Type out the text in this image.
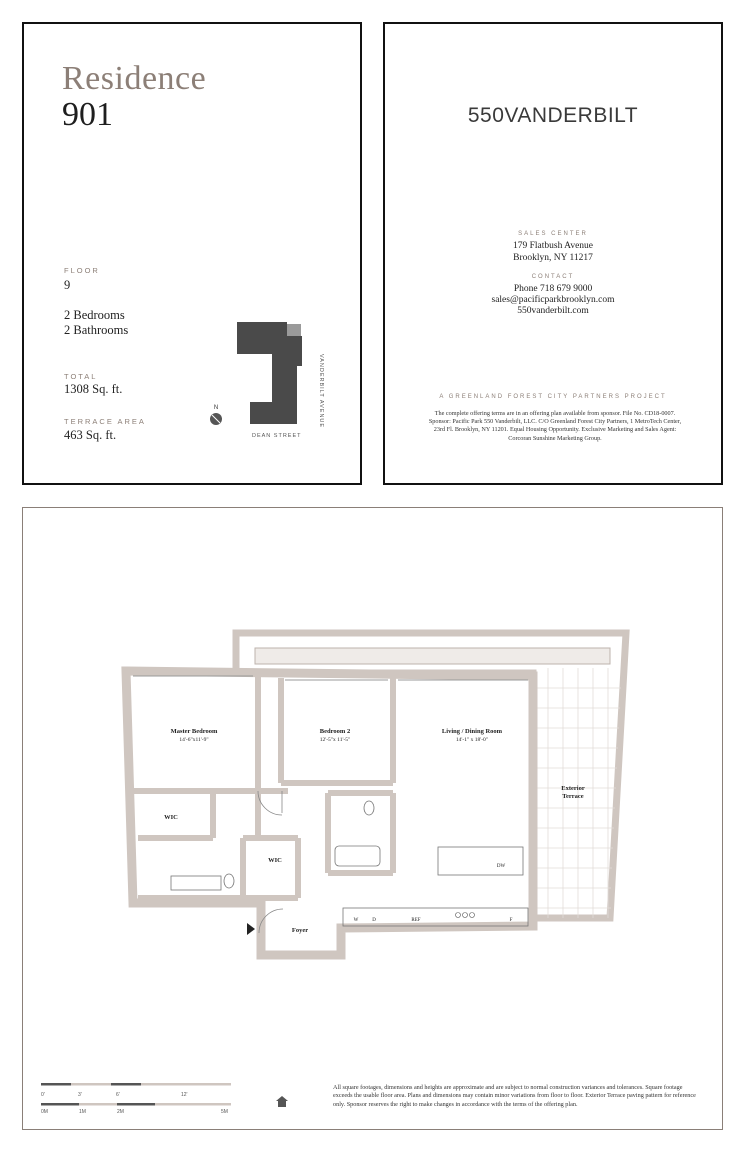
Residence
901
FLOOR
9
2 Bedrooms
2 Bathrooms
TOTAL
1308 Sq. ft.
TERRACE AREA
463 Sq. ft.
N
DEAN STREET
VANDERBILT AVENUE
550VANDERBILT
SALES CENTER
179 Flatbush Avenue
Brooklyn, NY 11217
CONTACT
Phone 718 679 9000
sales@pacificparkbrooklyn.com
550vanderbilt.com
A GREENLAND FOREST CITY PARTNERS PROJECT
The complete offering terms are in an offering plan available from sponsor. File No. CD18-0007. Sponsor: Pacific Park 550 Vanderbilt, LLC. C/O Greenland Forest City Partners, 1 MetroTech Center, 23rd Fl. Brooklyn, NY 11201. Equal Housing Opportunity. Exclusive Marketing and Sales Agent: Corcoran Sunshine Marketing Group.
Master Bedroom
14'-6"x11'-9"
Bedroom 2
12'-5"x 11'-5"
Living / Dining Room
14'-1" x 18'-0"
Exterior
Terrace
WIC
WIC
Foyer
DW
W	D	REF	F
0'	3'	6'	12'
0M	1M	2M	5M
All square footages, dimensions and heights are approximate and are subject to normal construction variances and tolerances. Square footage exceeds the usable floor area. Plans and dimensions may contain minor variations from floor to floor. Exterior Terrace paving pattern for reference only. Sponsor reserves the right to make changes in accordance with the terms of the offering plan.
